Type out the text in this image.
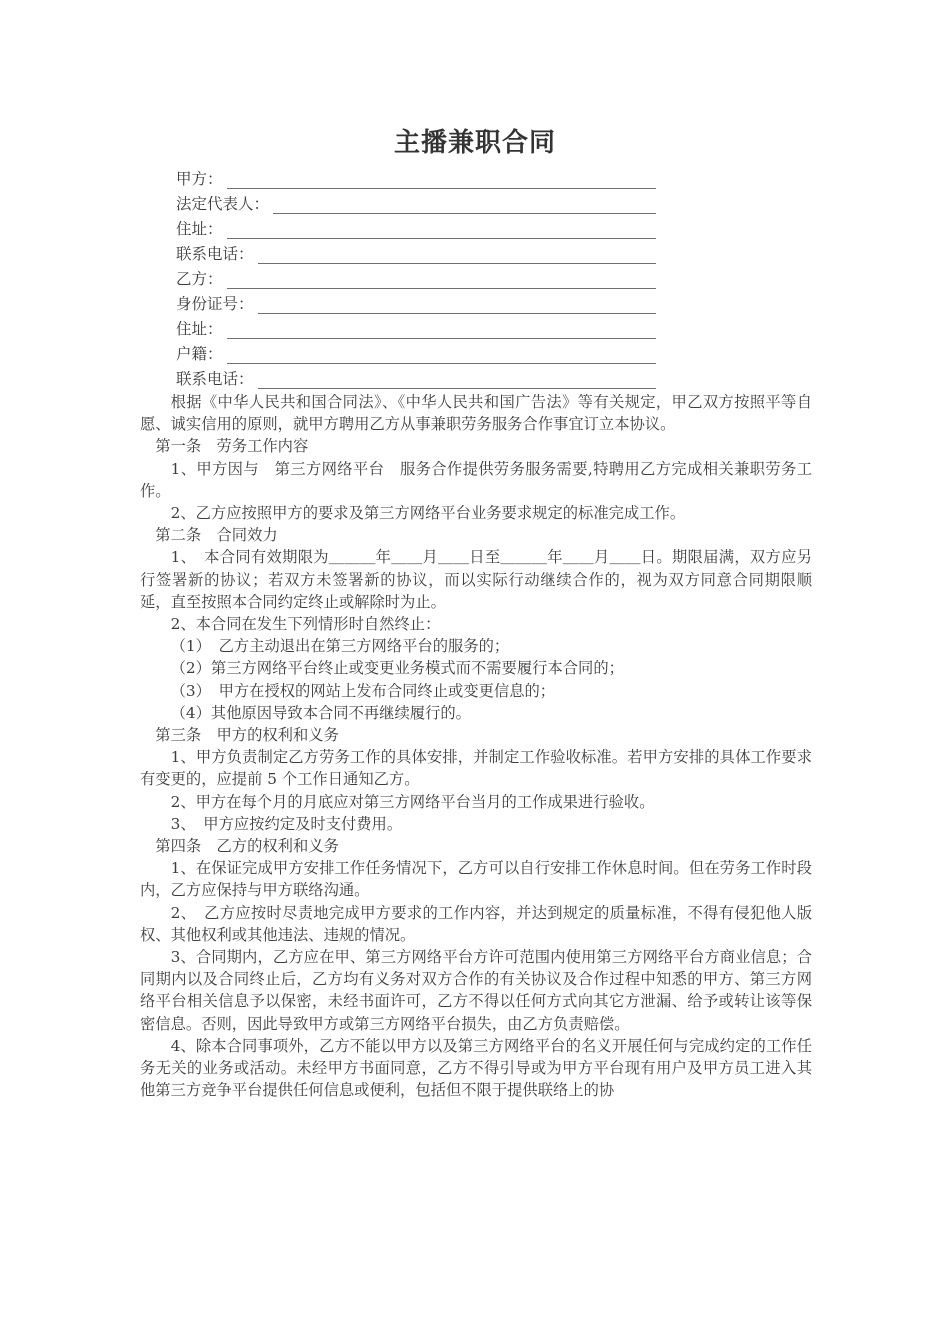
主播兼职合同
甲方：
法定代表人：
住址：
联系电话：
乙方：
身份证号：
住址：
户籍：
联系电话：

根据《中华人民共和国合同法》、《中华人民共和国广告法》等有关规定，甲乙双方按照平等自愿、诚实信用的原则，就甲方聘用乙方从事兼职劳务服务合作事宜订立本协议。

第一条　劳务工作内容

1、甲方因与　第三方网络平台　服务合作提供劳务服务需要,特聘用乙方完成相关兼职劳务工作。

2、乙方应按照甲方的要求及第三方网络平台业务要求规定的标准完成工作。

第二条　合同效力

1、　本合同有效期限为＿＿＿年＿＿月＿＿日至＿＿＿年＿＿月＿＿日。期限届满，双方应另行签署新的协议；若双方未签署新的协议，而以实际行动继续合作的，视为双方同意合同期限顺延，直至按照本合同约定终止或解除时为止。

2、本合同在发生下列情形时自然终止：

（1）　乙方主动退出在第三方网络平台的服务的；

（2）第三方网络平台终止或变更业务模式而不需要履行本合同的；

（3）　甲方在授权的网站上发布合同终止或变更信息的；

（4）其他原因导致本合同不再继续履行的。

第三条　甲方的权利和义务

1、甲方负责制定乙方劳务工作的具体安排，并制定工作验收标准。若甲方安排的具体工作要求有变更的，应提前 5 个工作日通知乙方。

2、甲方在每个月的月底应对第三方网络平台当月的工作成果进行验收。

3、　甲方应按约定及时支付费用。

第四条　乙方的权利和义务

1、在保证完成甲方安排工作任务情况下，乙方可以自行安排工作休息时间。但在劳务工作时段内，乙方应保持与甲方联络沟通。

2、　乙方应按时尽责地完成甲方要求的工作内容，并达到规定的质量标准，不得有侵犯他人版权、其他权利或其他违法、违规的情况。

3、合同期内，乙方应在甲、第三方网络平台方许可范围内使用第三方网络平台方商业信息；合同期内以及合同终止后，乙方均有义务对双方合作的有关协议及合作过程中知悉的甲方、第三方网络平台相关信息予以保密，未经书面许可，乙方不得以任何方式向其它方泄漏、给予或转让该等保密信息。否则，因此导致甲方或第三方网络平台损失，由乙方负责赔偿。

4、除本合同事项外，乙方不能以甲方以及第三方网络平台的名义开展任何与完成约定的工作任务无关的业务或活动。未经甲方书面同意，乙方不得引导或为甲方平台现有用户及甲方员工进入其他第三方竞争平台提供任何信息或便利，包括但不限于提供联络上的协
